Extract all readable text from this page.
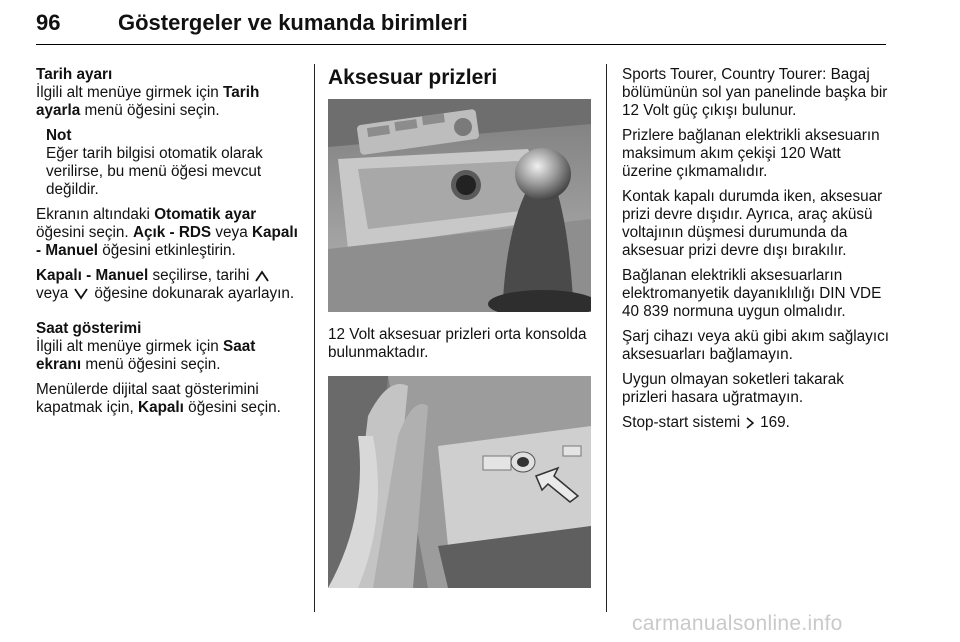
96	Göstergeler ve kumanda birimleri
Tarih ayarı

İlgili alt menüye girmek için Tarih ayarla menü öğesini seçin.

Not
Eğer tarih bilgisi otomatik olarak verilirse, bu menü öğesi mevcut değildir.

Ekranın altındaki Otomatik ayar öğesini seçin. Açık - RDS veya Kapalı - Manuel öğesini etkinleştirin.

Kapalı - Manuel seçilirse, tarihi
veya öğesine dokunarak ayarlayın.

Saat gösterimi

İlgili alt menüye girmek için Saat ekranı menü öğesini seçin.

Menülerde dijital saat gösterimini kapatmak için, Kapalı öğesini seçin.

Aksesuar prizleri

12 Volt aksesuar prizleri orta konsolda bulunmaktadır.

Sports Tourer, Country Tourer: Bagaj bölümünün sol yan panelinde başka bir 12 Volt güç çıkışı bulunur.

Prizlere bağlanan elektrikli aksesuarın maksimum akım çekişi 120 Watt üzerine çıkmamalıdır.

Kontak kapalı durumda iken, aksesuar prizi devre dışıdır. Ayrıca, araç aküsü voltajının düşmesi durumunda da aksesuar prizi devre dışı bırakılır.

Bağlanan elektrikli aksesuarların elektromanyetik dayanıklılığı DIN VDE 40 839 normuna uygun olmalıdır.

Şarj cihazı veya akü gibi akım sağlayıcı aksesuarları bağlamayın.

Uygun olmayan soketleri takarak prizleri hasara uğratmayın.

Stop-start sistemi 169.

carmanualsonline.info
